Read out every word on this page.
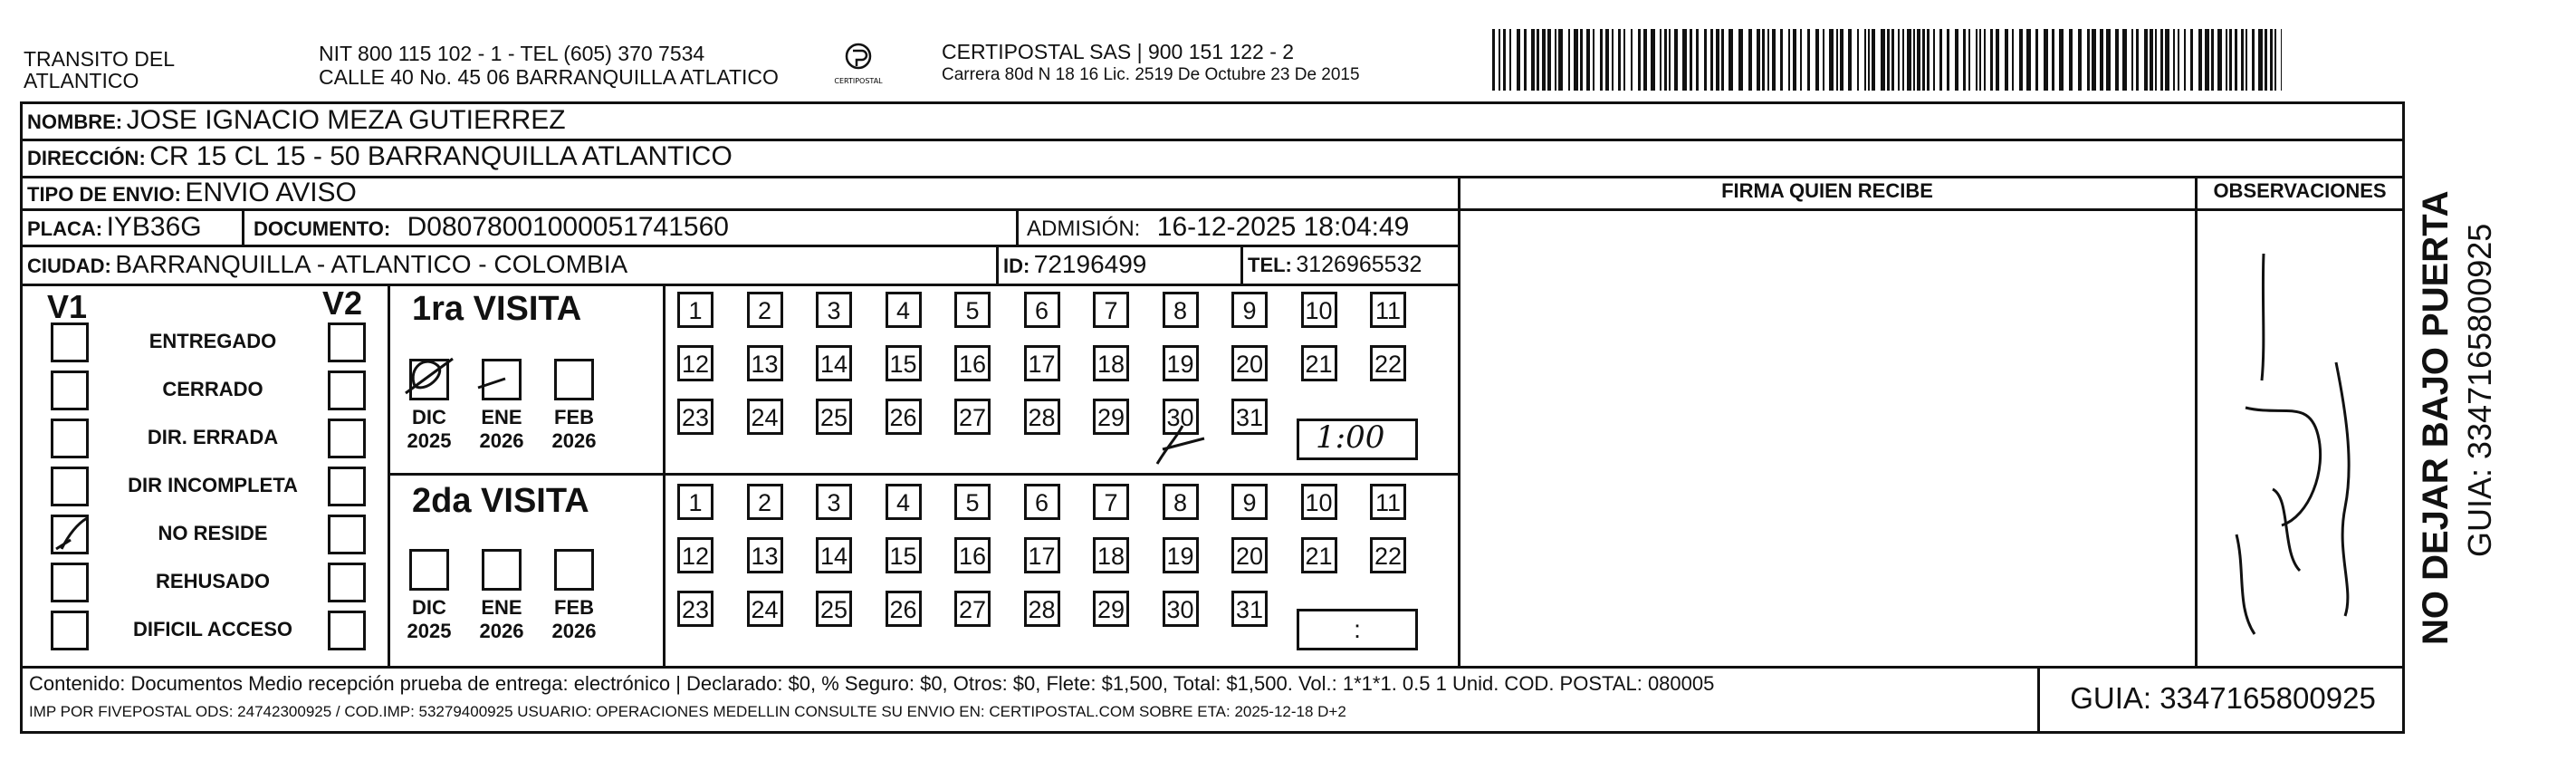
TRANSITO DEL
ATLANTICO
NIT 800 115 102 - 1 - TEL (605) 370 7534
CALLE 40 No. 45 06 BARRANQUILLA ATLATICO	CERTIPOSTAL
CERTIPOSTAL SAS | 900 151 122 - 2
Carrera 80d N 18 16 Lic. 2519 De Octubre 23 De 2015
NOMBRE: JOSE IGNACIO MEZA GUTIERREZ
DIRECCIÓN: CR 15 CL 15 - 50 BARRANQUILLA ATLANTICO
TIPO DE ENVIO: ENVIO AVISO
PLACA: IYB36G	DOCUMENTO: D08078001000051741560	ADMISIÓN: 16-12-2025 18:04:49
CIUDAD: BARRANQUILLA - ATLANTICO - COLOMBIA	ID: 72196499	TEL: 3126965532
FIRMA QUIEN RECIBE	OBSERVACIONES
V1	V2
ENTREGADO
CERRADO
DIR. ERRADA
DIR INCOMPLETA
NO RESIDE
REHUSADO
DIFICIL ACCESO
1ra VISITA
2da VISITA
DIC
2025
ENE
2026
FEB
2026
DIC
2025
ENE
2026
FEB
2026
1	2	3	4	5	6	7	8	9	10 11
12 13 14 15 16 17 18 19 20 21 22
23 24 25 26 27 28 29 30 31
1	2	3	4	5	6	7	8	9	10 11
12 13 14 15 16 17 18 19 20 21 22
23 24 25 26 27 28 29 30 31
1:00
:
Contenido: Documentos Medio recepción prueba de entrega: electrónico | Declarado: $0, % Seguro: $0, Otros: $0, Flete: $1,500, Total: $1,500. Vol.: 1*1*1. 0.5 1 Unid. COD. POSTAL: 080005
IMP POR FIVEPOSTAL ODS: 24742300925 / COD.IMP: 53279400925 USUARIO: OPERACIONES MEDELLIN CONSULTE SU ENVIO EN: CERTIPOSTAL.COM SOBRE ETA: 2025-12-18 D+2	GUIA: 3347165800925
NO DEJAR BAJO PUERTA GUIA: 3347165800925
